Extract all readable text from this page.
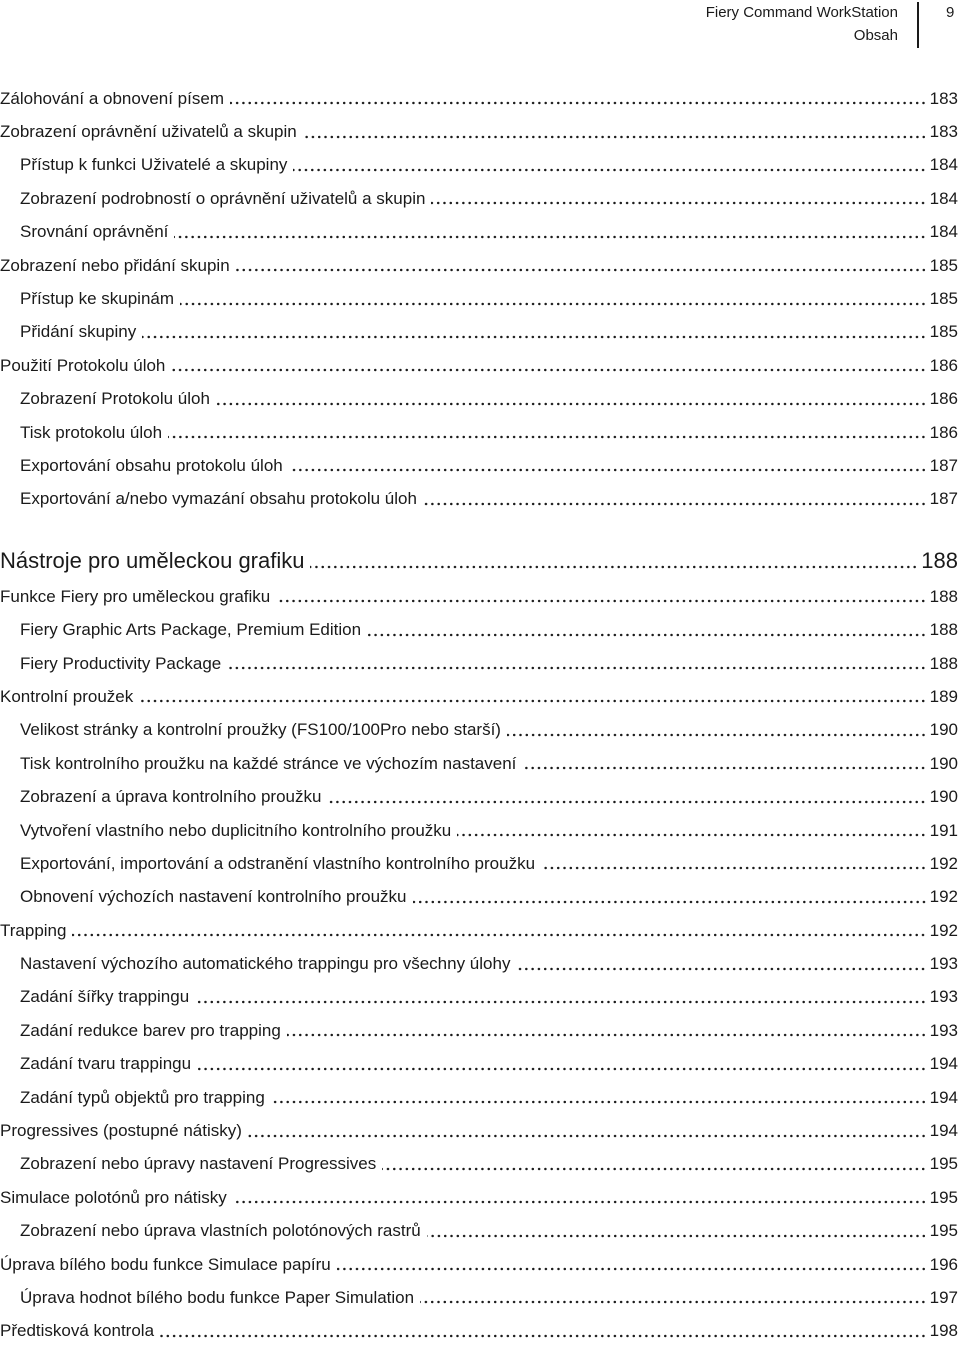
Fiery Command WorkStation
Obsah
9
Zálohování a obnovení písem	183
Zobrazení oprávnění uživatelů a skupin	183
Přístup k funkci Uživatelé a skupiny	184
Zobrazení podrobností o oprávnění uživatelů a skupin	184
Srovnání oprávnění	184
Zobrazení nebo přidání skupin	185
Přístup ke skupinám	185
Přidání skupiny	185
Použití Protokolu úloh	186
Zobrazení Protokolu úloh	186
Tisk protokolu úloh	186
Exportování obsahu protokolu úloh	187
Exportování a/nebo vymazání obsahu protokolu úloh	187
Nástroje pro uměleckou grafiku	188
Funkce Fiery pro uměleckou grafiku	188
Fiery Graphic Arts Package, Premium Edition	188
Fiery Productivity Package	188
Kontrolní proužek	189
Velikost stránky a kontrolní proužky (FS100/100Pro nebo starší)	190
Tisk kontrolního proužku na každé stránce ve výchozím nastavení	190
Zobrazení a úprava kontrolního proužku	190
Vytvoření vlastního nebo duplicitního kontrolního proužku	191
Exportování, importování a odstranění vlastního kontrolního proužku	192
Obnovení výchozích nastavení kontrolního proužku	192
Trapping	192
Nastavení výchozího automatického trappingu pro všechny úlohy	193
Zadání šířky trappingu	193
Zadání redukce barev pro trapping	193
Zadání tvaru trappingu	194
Zadání typů objektů pro trapping	194
Progressives (postupné nátisky)	194
Zobrazení nebo úpravy nastavení Progressives	195
Simulace polotónů pro nátisky	195
Zobrazení nebo úprava vlastních polotónových rastrů	195
Úprava bílého bodu funkce Simulace papíru	196
Úprava hodnot bílého bodu funkce Paper Simulation	197
Předtisková kontrola	198
